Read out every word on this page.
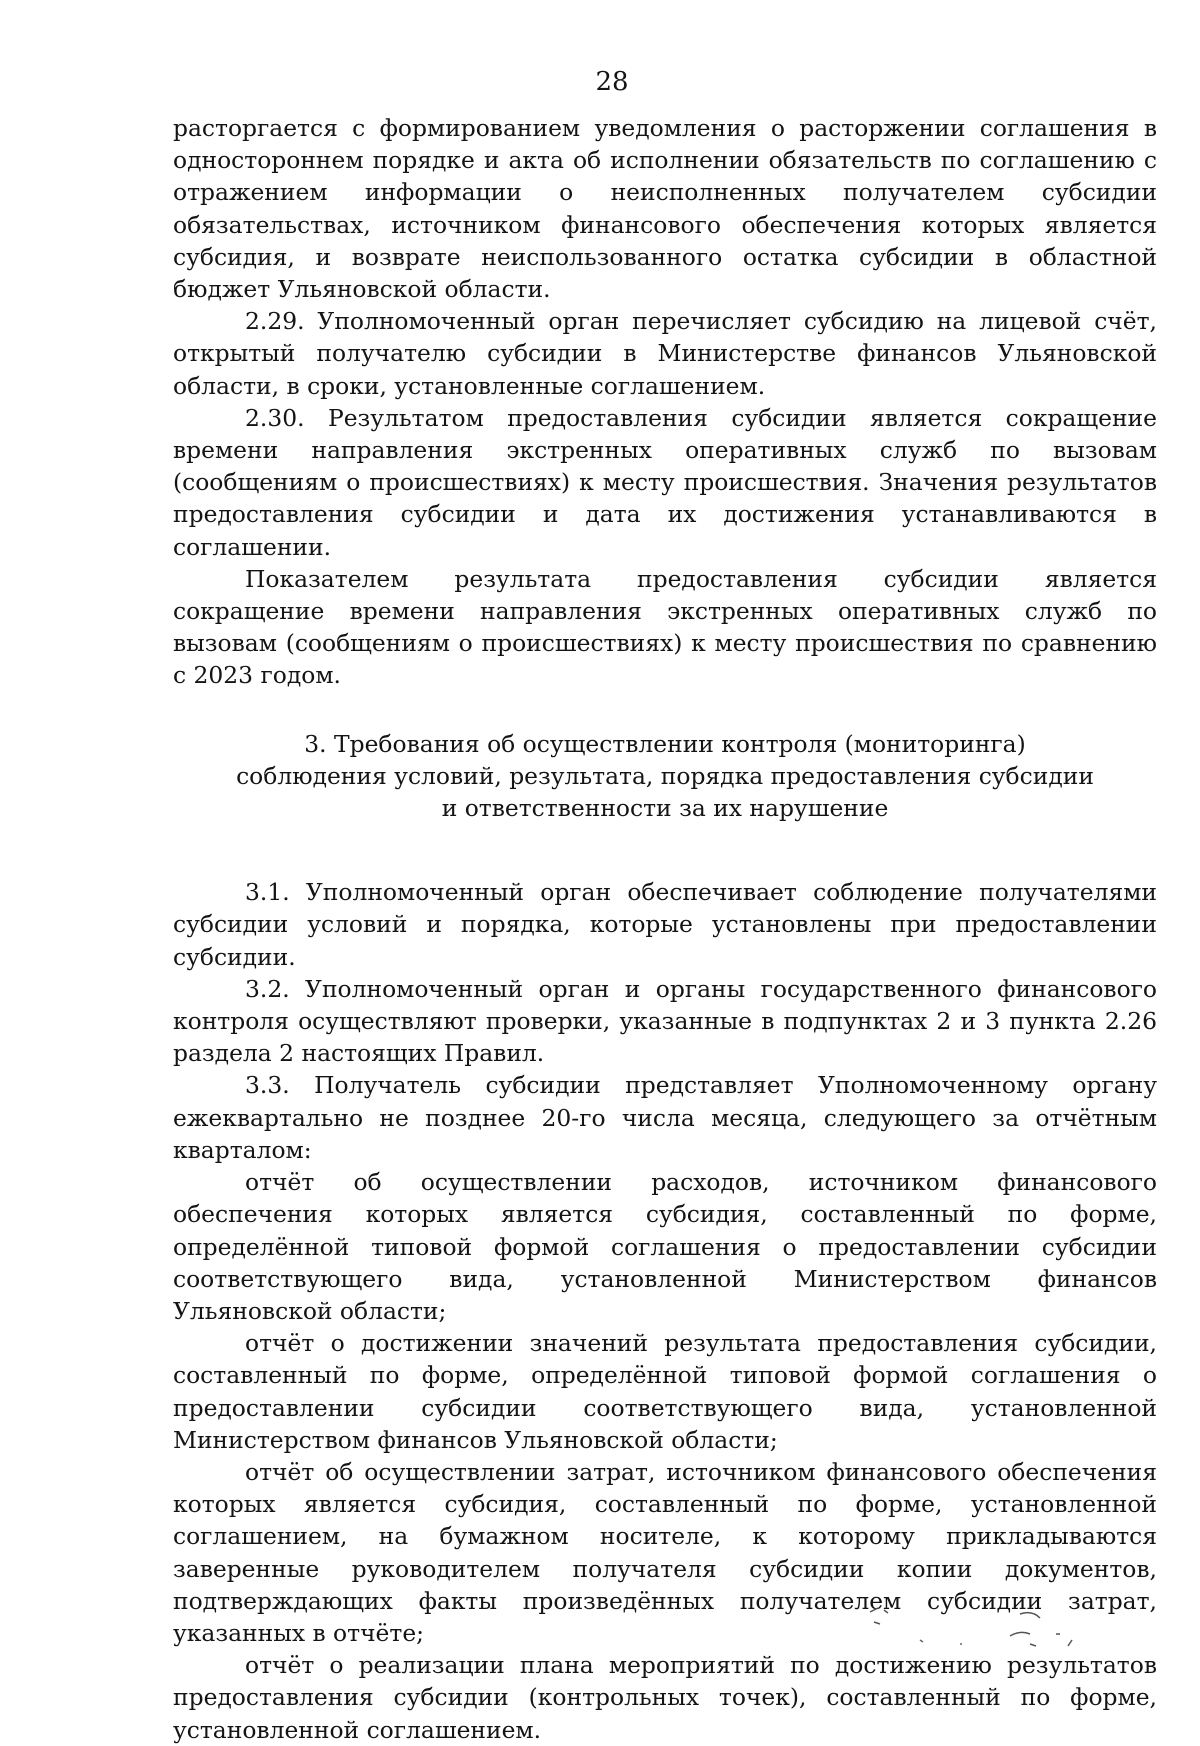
28

расторгается с формированием уведомления о расторжении соглашения в одностороннем порядке и акта об исполнении обязательств по соглашению с отражением информации о неисполненных получателем субсидии обязательствах, источником финансового обеспечения которых является субсидия, и возврате неиспользованного остатка субсидии в областной бюджет Ульяновской области.

2.29. Уполномоченный орган перечисляет субсидию на лицевой счёт, открытый получателю субсидии в Министерстве финансов Ульяновской области, в сроки, установленные соглашением.

2.30. Результатом предоставления субсидии является сокращение времени направления экстренных оперативных служб по вызовам (сообщениям о происшествиях) к месту происшествия. Значения результатов предоставления субсидии и дата их достижения устанавливаются в соглашении.

Показателем результата предоставления субсидии является сокращение времени направления экстренных оперативных служб по вызовам (сообщениям о происшествиях) к месту происшествия по сравнению с 2023 годом.

3. Требования об осуществлении контроля (мониторинга)
соблюдения условий, результата, порядка предоставления субсидии
и ответственности за их нарушение

3.1. Уполномоченный орган обеспечивает соблюдение получателями субсидии условий и порядка, которые установлены при предоставлении субсидии.

3.2. Уполномоченный орган и органы государственного финансового контроля осуществляют проверки, указанные в подпунктах 2 и 3 пункта 2.26 раздела 2 настоящих Правил.

3.3. Получатель субсидии представляет Уполномоченному органу ежеквартально не позднее 20-го числа месяца, следующего за отчётным кварталом:

отчёт об осуществлении расходов, источником финансового обеспечения которых является субсидия, составленный по форме, определённой типовой формой соглашения о предоставлении субсидии соответствующего вида, установленной Министерством финансов Ульяновской области;

отчёт о достижении значений результата предоставления субсидии, составленный по форме, определённой типовой формой соглашения о предоставлении субсидии соответствующего вида, установленной Министерством финансов Ульяновской области;

отчёт об осуществлении затрат, источником финансового обеспечения которых является субсидия, составленный по форме, установленной соглашением, на бумажном носителе, к которому прикладываются заверенные руководителем получателя субсидии копии документов, подтверждающих факты произведённых получателем субсидии затрат, указанных в отчёте;

отчёт о реализации плана мероприятий по достижению результатов предоставления субсидии (контрольных точек), составленный по форме, установленной соглашением.
